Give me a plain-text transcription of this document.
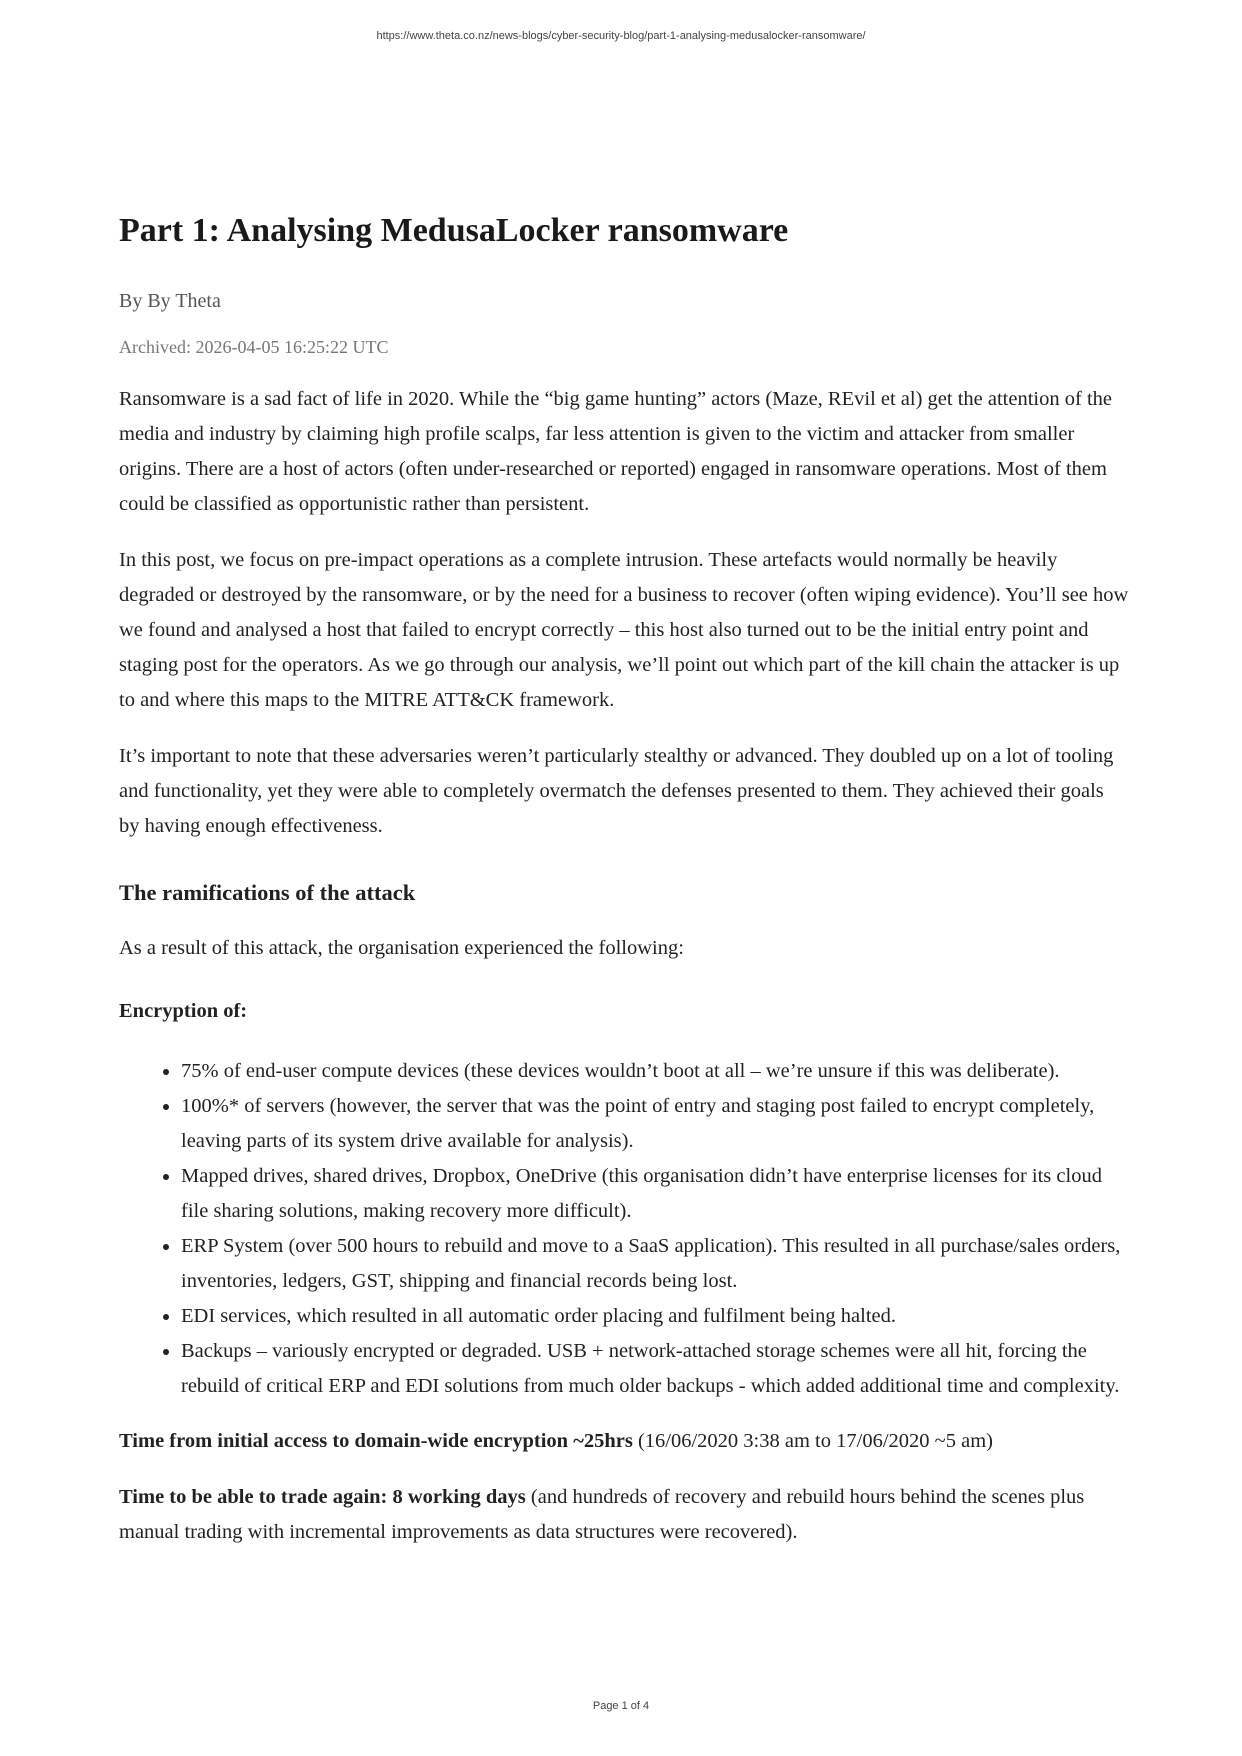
https://www.theta.co.nz/news-blogs/cyber-security-blog/part-1-analysing-medusalocker-ransomware/
Part 1: Analysing MedusaLocker ransomware
By By Theta
Archived: 2026-04-05 16:25:22 UTC

Ransomware is a sad fact of life in 2020. While the “big game hunting” actors (Maze, REvil et al) get the attention of the media and industry by claiming high profile scalps, far less attention is given to the victim and attacker from smaller origins. There are a host of actors (often under-researched or reported) engaged in ransomware operations. Most of them could be classified as opportunistic rather than persistent.

In this post, we focus on pre-impact operations as a complete intrusion. These artefacts would normally be heavily degraded or destroyed by the ransomware, or by the need for a business to recover (often wiping evidence). You’ll see how we found and analysed a host that failed to encrypt correctly – this host also turned out to be the initial entry point and staging post for the operators. As we go through our analysis, we’ll point out which part of the kill chain the attacker is up to and where this maps to the MITRE ATT&CK framework.

It’s important to note that these adversaries weren’t particularly stealthy or advanced. They doubled up on a lot of tooling and functionality, yet they were able to completely overmatch the defenses presented to them. They achieved their goals by having enough effectiveness.

The ramifications of the attack

As a result of this attack, the organisation experienced the following:

Encryption of:

• 75% of end-user compute devices (these devices wouldn’t boot at all – we’re unsure if this was deliberate).
• 100%* of servers (however, the server that was the point of entry and staging post failed to encrypt completely, leaving parts of its system drive available for analysis).
• Mapped drives, shared drives, Dropbox, OneDrive (this organisation didn’t have enterprise licenses for its cloud file sharing solutions, making recovery more difficult).
• ERP System (over 500 hours to rebuild and move to a SaaS application). This resulted in all purchase/sales orders, inventories, ledgers, GST, shipping and financial records being lost.
• EDI services, which resulted in all automatic order placing and fulfilment being halted.
• Backups – variously encrypted or degraded. USB + network-attached storage schemes were all hit, forcing the rebuild of critical ERP and EDI solutions from much older backups - which added additional time and complexity.

Time from initial access to domain-wide encryption ~25hrs (16/06/2020 3:38 am to 17/06/2020 ~5 am)

Time to be able to trade again: 8 working days (and hundreds of recovery and rebuild hours behind the scenes plus manual trading with incremental improvements as data structures were recovered).

Page 1 of 4
